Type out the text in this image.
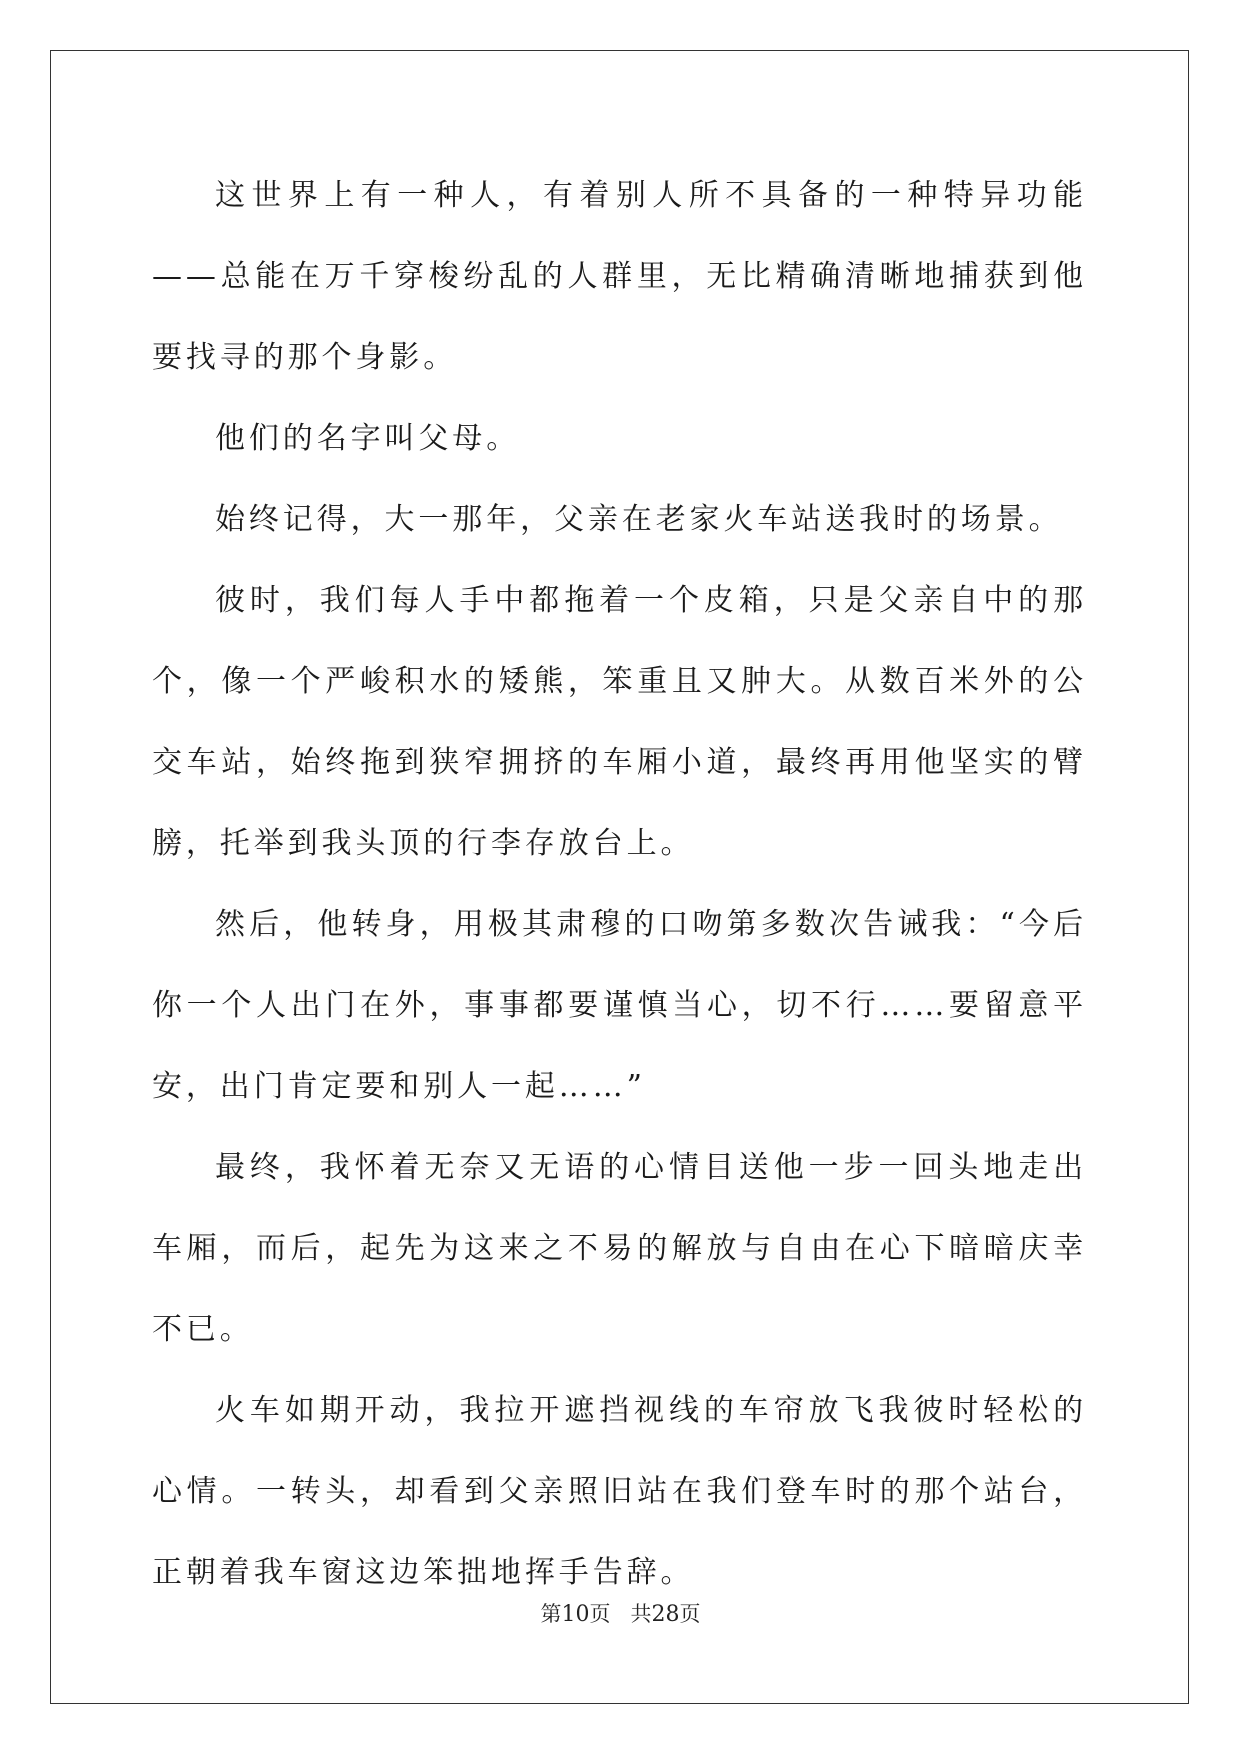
这世界上有一种人，有着别人所不具备的一种特异功能——总能在万千穿梭纷乱的人群里，无比精确清晰地捕获到他要找寻的那个身影。

他们的名字叫父母。

始终记得，大一那年，父亲在老家火车站送我时的场景。

彼时，我们每人手中都拖着一个皮箱，只是父亲自中的那个，像一个严峻积水的矮熊，笨重且又肿大。从数百米外的公交车站，始终拖到狭窄拥挤的车厢小道，最终再用他坚实的臂膀，托举到我头顶的行李存放台上。

然后，他转身，用极其肃穆的口吻第多数次告诫我：“今后你一个人出门在外，事事都要谨慎当心，切不行……要留意平安，出门肯定要和别人一起……”

最终，我怀着无奈又无语的心情目送他一步一回头地走出车厢，而后，起先为这来之不易的解放与自由在心下暗暗庆幸不已。

火车如期开动，我拉开遮挡视线的车帘放飞我彼时轻松的心情。一转头，却看到父亲照旧站在我们登车时的那个站台，正朝着我车窗这边笨拙地挥手告辞。

第10页 共28页
